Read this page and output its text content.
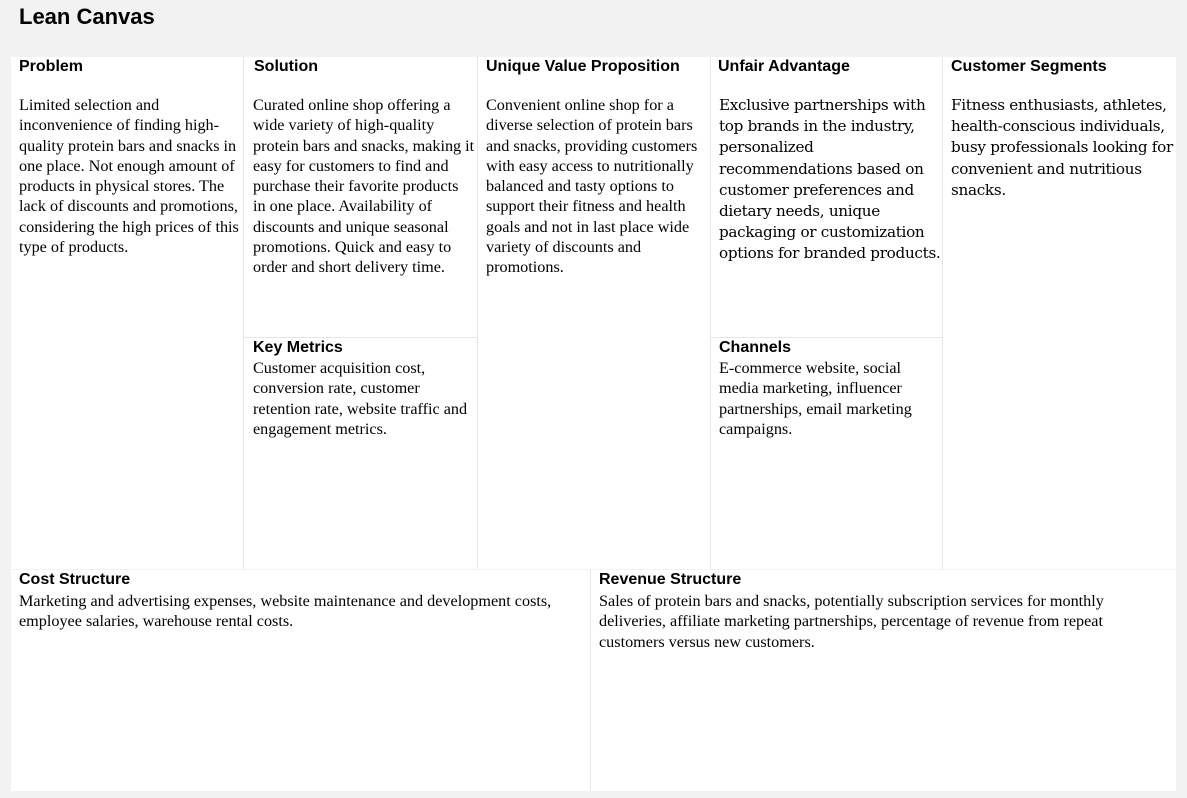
Lean Canvas
Problem
Limited selection and inconvenience of finding high-quality protein bars and snacks in one place. Not enough amount of products in physical stores. The lack of discounts and promotions, considering the high prices of this type of products.
Solution
Curated online shop offering a wide variety of high-quality protein bars and snacks, making it easy for customers to find and purchase their favorite products in one place. Availability of discounts and unique seasonal promotions. Quick and easy to order and short delivery time.
Key Metrics
Customer acquisition cost, conversion rate, customer retention rate, website traffic and engagement metrics.
Unique Value Proposition
Convenient online shop for a diverse selection of protein bars and snacks, providing customers with easy access to nutritionally balanced and tasty options to support their fitness and health goals and not in last place wide variety of discounts and promotions.
Unfair Advantage
Exclusive partnerships with top brands in the industry, personalized recommendations based on customer preferences and dietary needs, unique packaging or customization options for branded products.
Channels
E-commerce website, social media marketing, influencer partnerships, email marketing campaigns.
Customer Segments
Fitness enthusiasts, athletes, health-conscious individuals, busy professionals looking for convenient and nutritious snacks.
Cost Structure
Marketing and advertising expenses, website maintenance and development costs, employee salaries, warehouse rental costs.
Revenue Structure
Sales of protein bars and snacks, potentially subscription services for monthly deliveries, affiliate marketing partnerships, percentage of revenue from repeat customers versus new customers.
